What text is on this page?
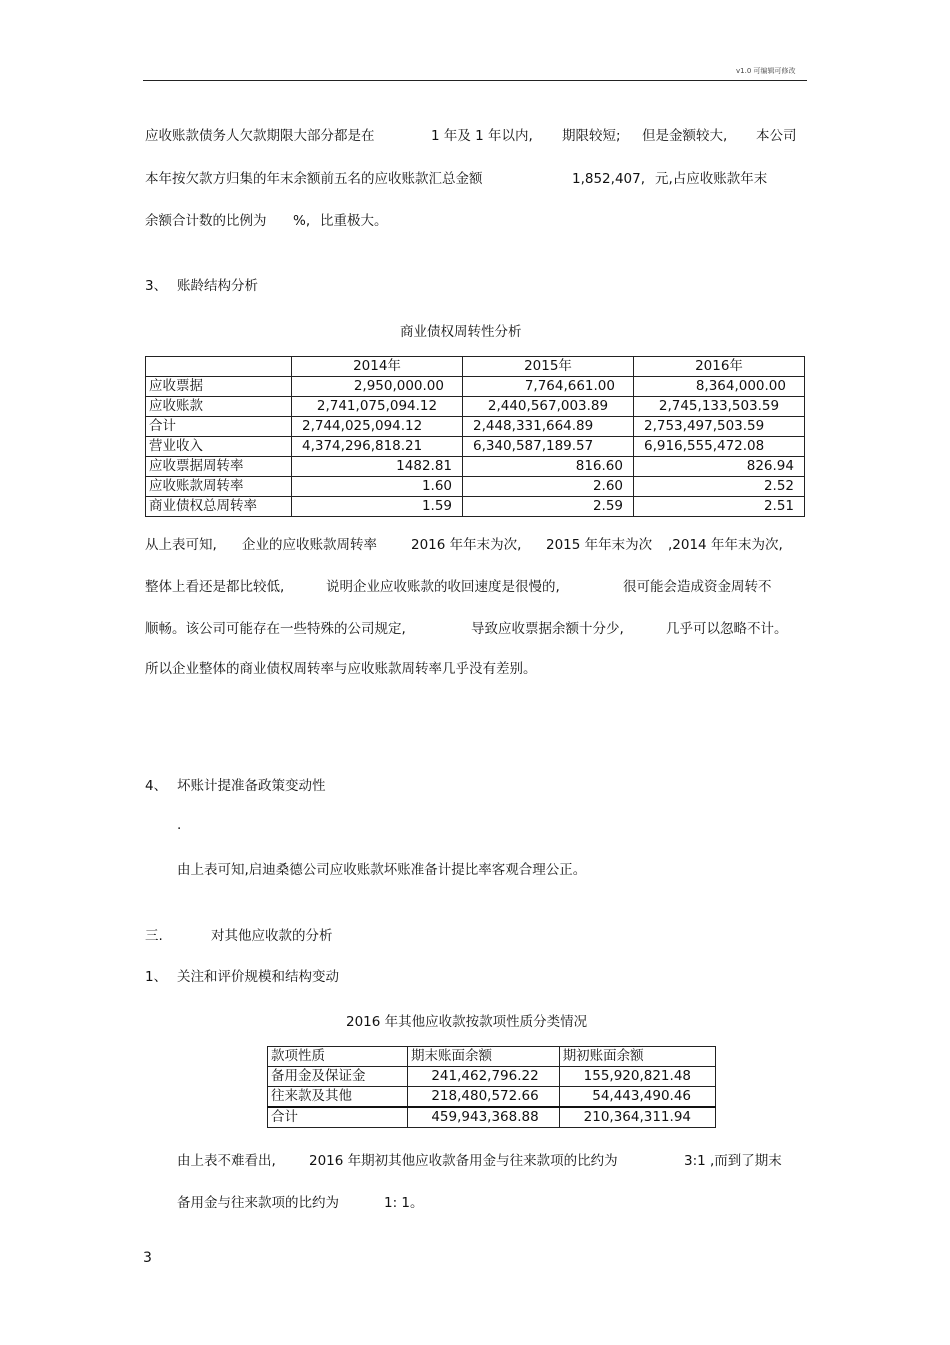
v1.0 可编辑可修改
应收账款债务人欠款期限大部分都是在	1 年及 1 年以内, 期限较短; 但是金额较大, 本公司
本年按欠款方归集的年末余额前五名的应收账款汇总金额	1,852,407, 元,占应收账款年末
余额合计数的比例为 %, 比重极大。
3、 账龄结构分析
商业债权周转性分析
	2014年	2015年	2016年
应收票据	2,950,000.00	7,764,661.00	8,364,000.00
应收账款	2,741,075,094.12	2,440,567,003.89	2,745,133,503.59
合计	2,744,025,094.12	2,448,331,664.89	2,753,497,503.59
营业收入	4,374,296,818.21	6,340,587,189.57	6,916,555,472.08
应收票据周转率	1482.81	816.60	826.94
应收账款周转率	1.60	2.60	2.52
商业债权总周转率	1.59	2.59	2.51
从上表可知, 企业的应收账款周转率	2016 年年末为次, 2015 年年末为次 ,2014 年年末为次,
整体上看还是都比较低,	说明企业应收账款的收回速度是很慢的,	很可能会造成资金周转不
顺畅。该公司可能存在一些特殊的公司规定,	导致应收票据余额十分少,	几乎可以忽略不计。
所以企业整体的商业债权周转率与应收账款周转率几乎没有差别。
4、 坏账计提准备政策变动性
.
由上表可知,启迪桑德公司应收账款坏账准备计提比率客观合理公正。
三.	对其他应收款的分析
1、 关注和评价规模和结构变动
2016 年其他应收款按款项性质分类情况
款项性质	期末账面余额	期初账面余额
备用金及保证金	241,462,796.22	155,920,821.48
往来款及其他	218,480,572.66	54,443,490.46
合计	459,943,368.88	210,364,311.94
由上表不难看出, 2016 年期初其他应收款备用金与往来款项的比约为	3:1 ,而到了期末
备用金与往来款项的比约为	1: 1。
3
